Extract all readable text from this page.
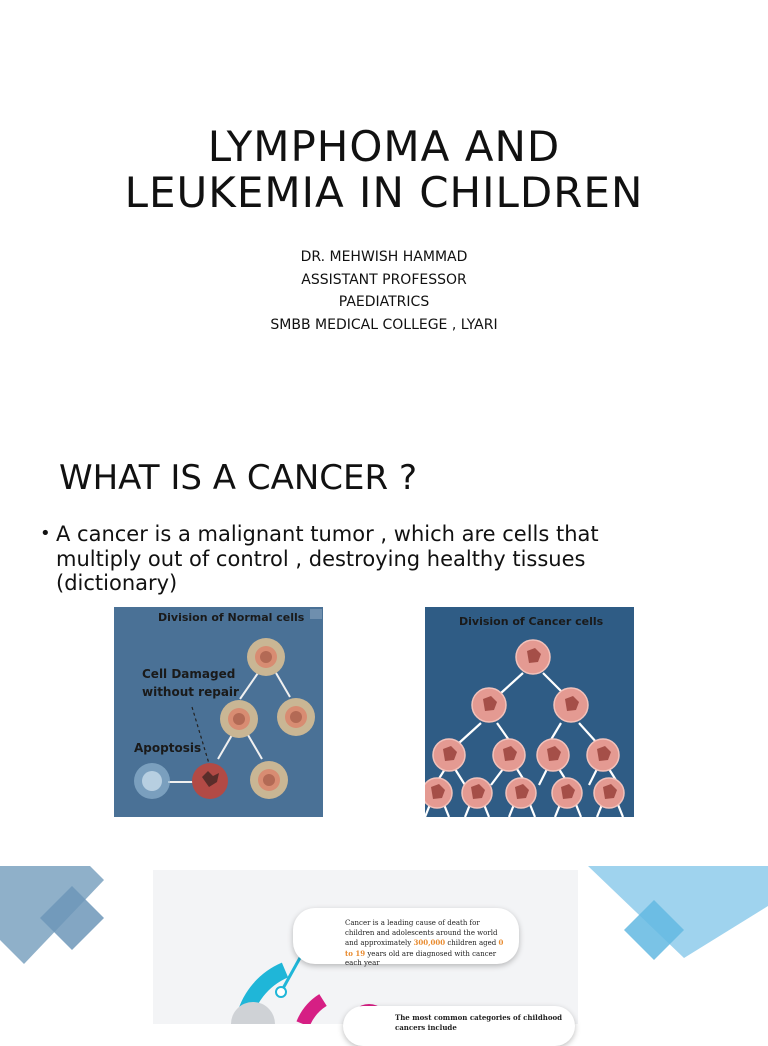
LYMPHOMA AND
LEUKEMIA IN CHILDREN
DR. MEHWISH HAMMAD
ASSISTANT PROFESSOR
PAEDIATRICS
SMBB MEDICAL COLLEGE , LYARI
WHAT IS A CANCER ?
• A cancer is a malignant tumor , which are cells that multiply out of control , destroying healthy tissues (dictionary)
Division of Normal cells
Cell Damaged
without repair
Apoptosis
Division of Cancer cells
Cancer is a leading cause of death for children and adolescents around the world and approximately 300,000 children aged 0 to 19 years old are diagnosed with cancer each year
The most common categories of childhood cancers include
